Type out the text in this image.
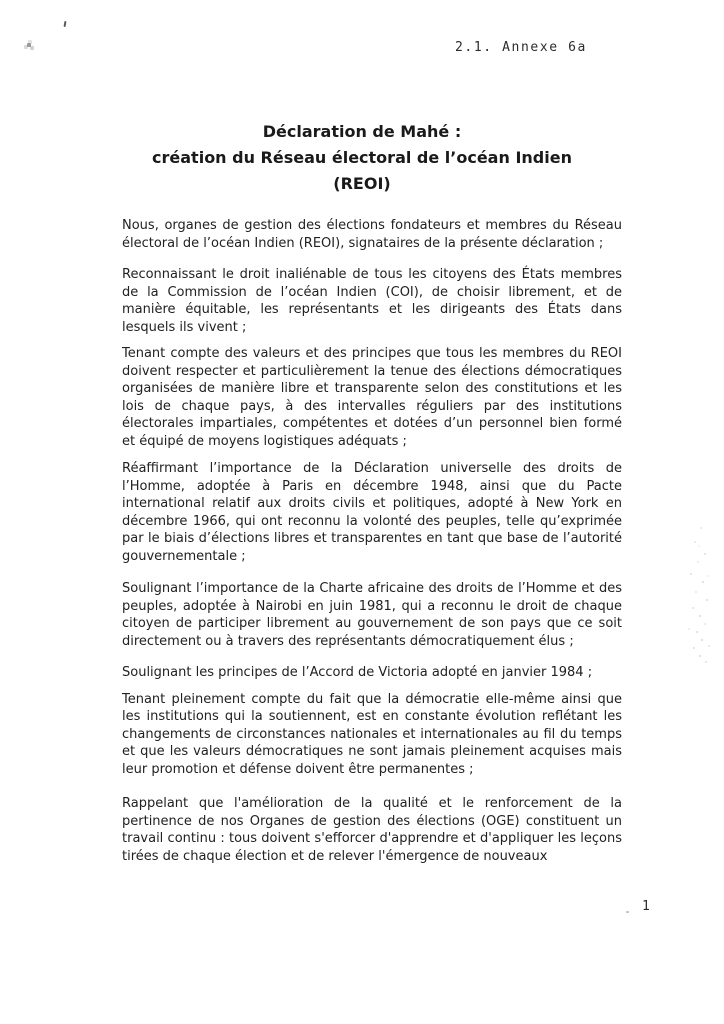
2.1. Annexe 6a
Déclaration de Mahé :
création du Réseau électoral de l’océan Indien
(REOI)

Nous, organes de gestion des élections fondateurs et membres du Réseau électoral de l’océan Indien (REOI), signataires de la présente déclaration ;

Reconnaissant le droit inaliénable de tous les citoyens des États membres de la Commission de l’océan Indien (COI), de choisir librement, et de manière équitable, les représentants et les dirigeants des États dans lesquels ils vivent ;

Tenant compte des valeurs et des principes que tous les membres du REOI doivent respecter et particulièrement la tenue des élections démocratiques organisées de manière libre et transparente selon des constitutions et les lois de chaque pays, à des intervalles réguliers par des institutions électorales impartiales, compétentes et dotées d’un personnel bien formé et équipé de moyens logistiques adéquats ;

Réaffirmant l’importance de la Déclaration universelle des droits de l’Homme, adoptée à Paris en décembre 1948, ainsi que du Pacte international relatif aux droits civils et politiques, adopté à New York en décembre 1966, qui ont reconnu la volonté des peuples, telle qu’exprimée par le biais d’élections libres et transparentes en tant que base de l’autorité gouvernementale ;

Soulignant l’importance de la Charte africaine des droits de l’Homme et des peuples, adoptée à Nairobi en juin 1981, qui a reconnu le droit de chaque citoyen de participer librement au gouvernement de son pays que ce soit directement ou à travers des représentants démocratiquement élus ;

Soulignant les principes de l’Accord de Victoria adopté en janvier 1984 ;

Tenant pleinement compte du fait que la démocratie elle-même ainsi que les institutions qui la soutiennent, est en constante évolution reflétant les changements de circonstances nationales et internationales au fil du temps et que les valeurs démocratiques ne sont jamais pleinement acquises mais leur promotion et défense doivent être permanentes ;

Rappelant que l'amélioration de la qualité et le renforcement de la pertinence de nos Organes de gestion des élections (OGE) constituent un travail continu : tous doivent s'efforcer d'apprendre et d'appliquer les leçons tirées de chaque élection et de relever l'émergence de nouveaux

1
